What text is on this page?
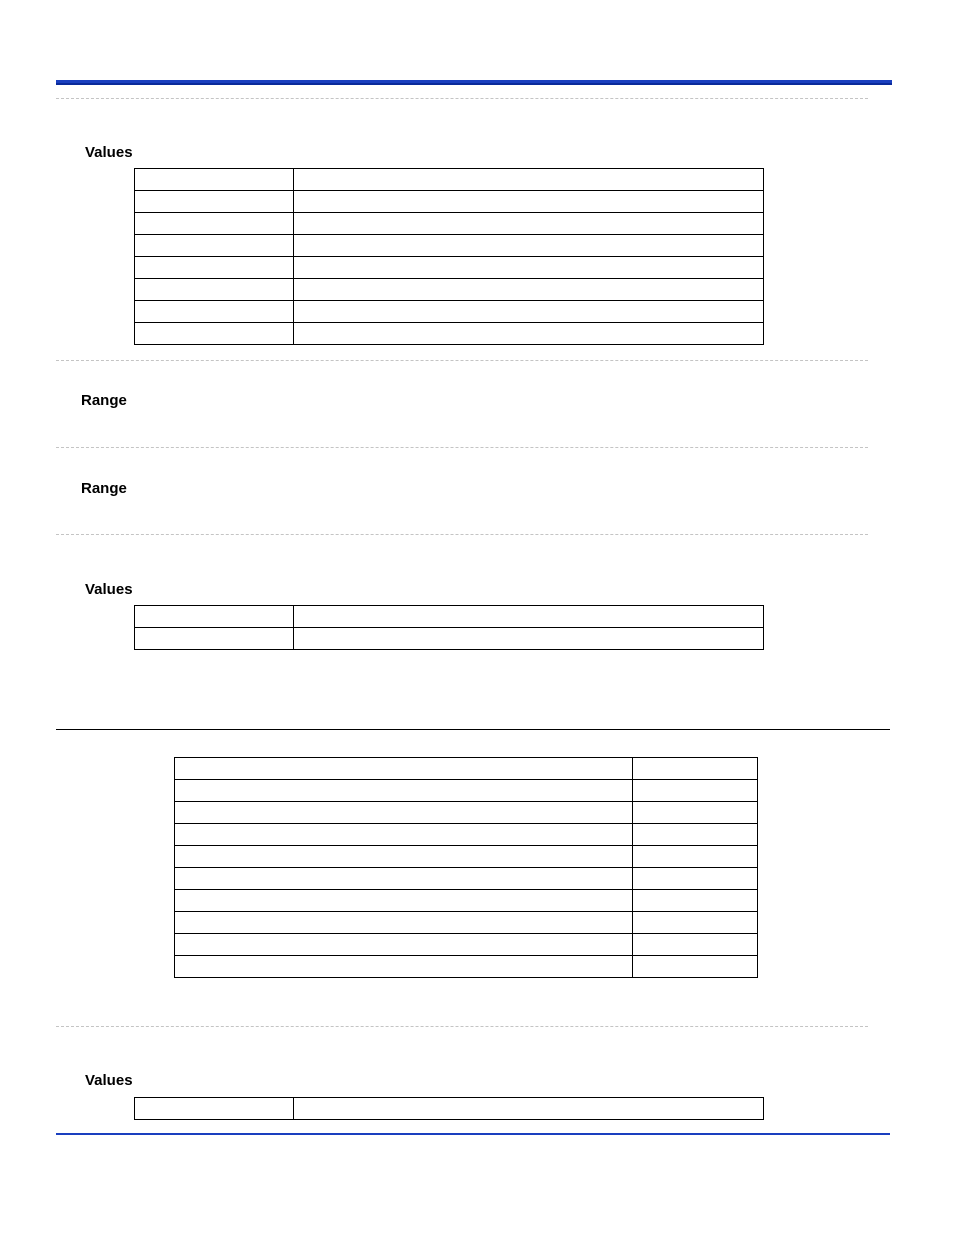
Values

Range
Range
Values

Values
